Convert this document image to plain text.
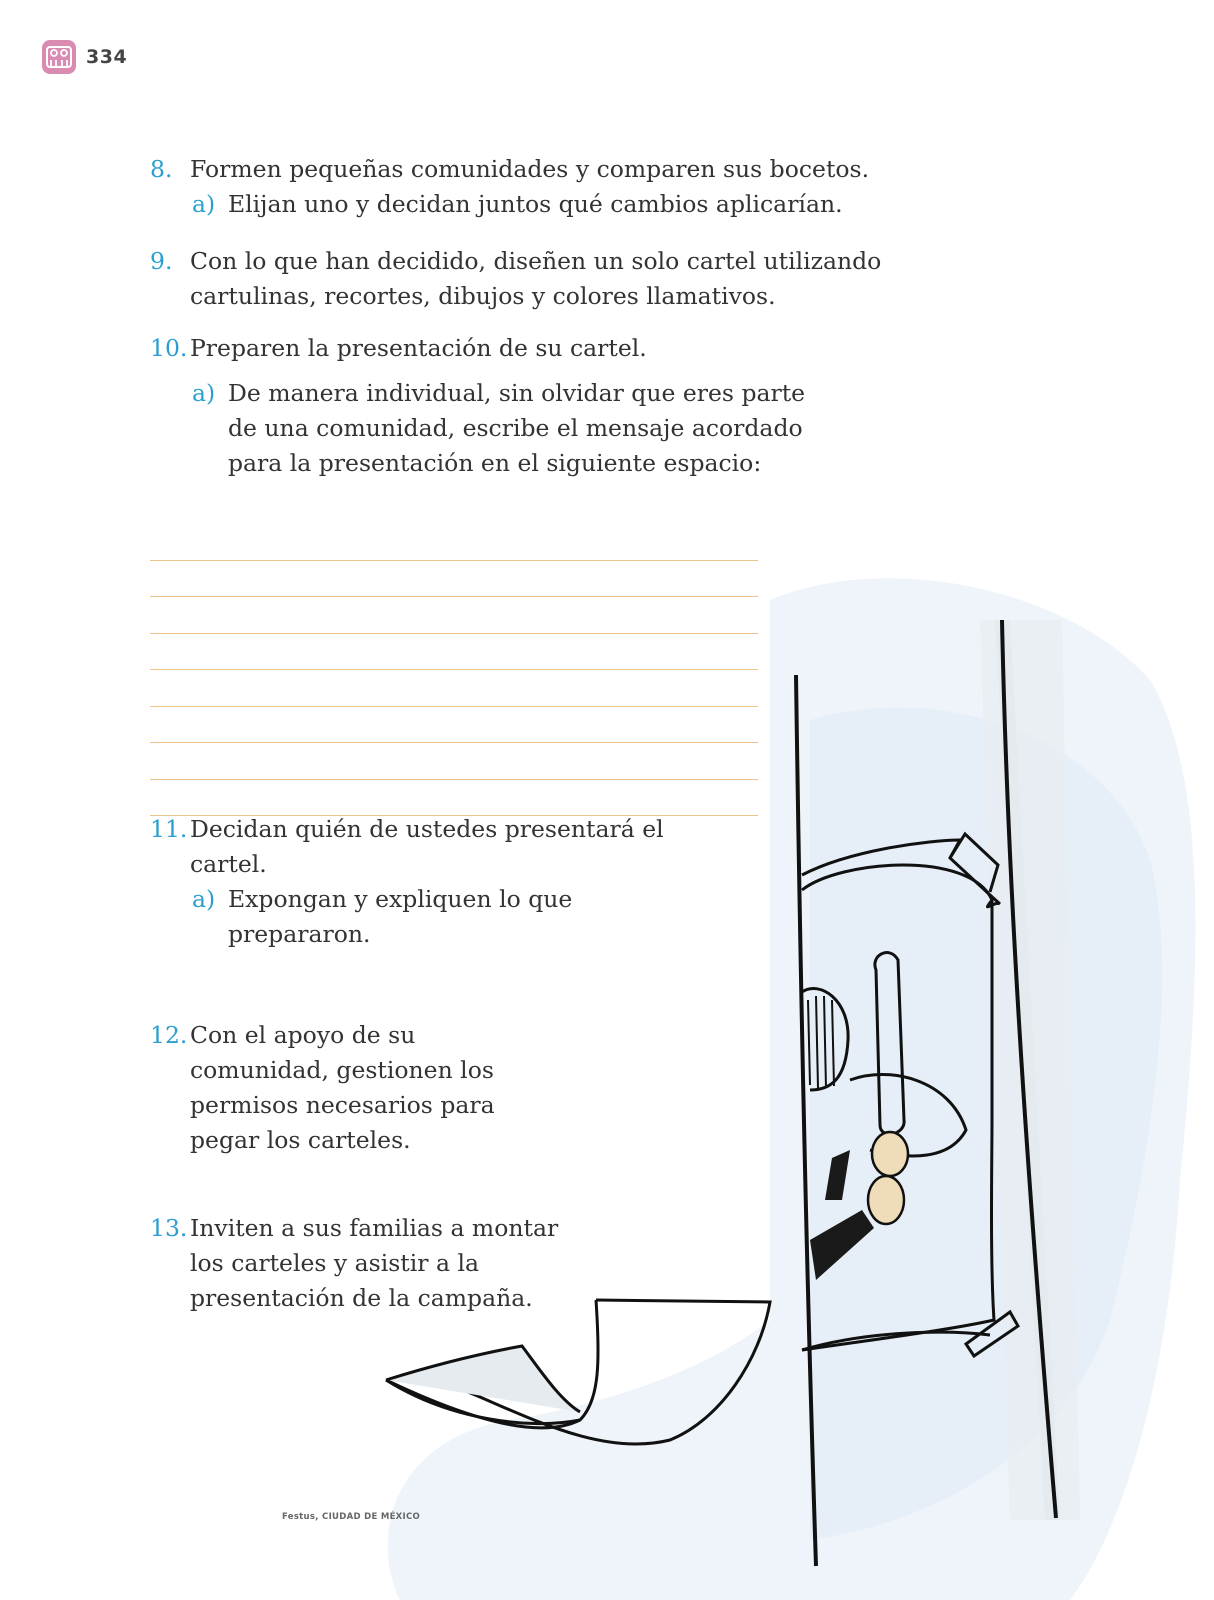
334
8. Formen pequeñas comunidades y comparen sus bocetos.
a) Elijan uno y decidan juntos qué cambios aplicarían.
9. Con lo que han decidido, diseñen un solo cartel utilizando cartulinas, recortes, dibujos y colores llamativos.
10. Preparen la presentación de su cartel.
a) De manera individual, sin olvidar que eres parte de una comunidad, escribe el mensaje acordado para la presentación en el siguiente espacio:
11. Decidan quién de ustedes presentará el cartel.
a) Expongan y expliquen lo que prepararon.
12. Con el apoyo de su comunidad, gestionen los permisos necesarios para pegar los carteles.
13. Inviten a sus familias a montar los carteles y asistir a la presentación de la campaña.
Festus, CIUDAD DE MÉXICO
